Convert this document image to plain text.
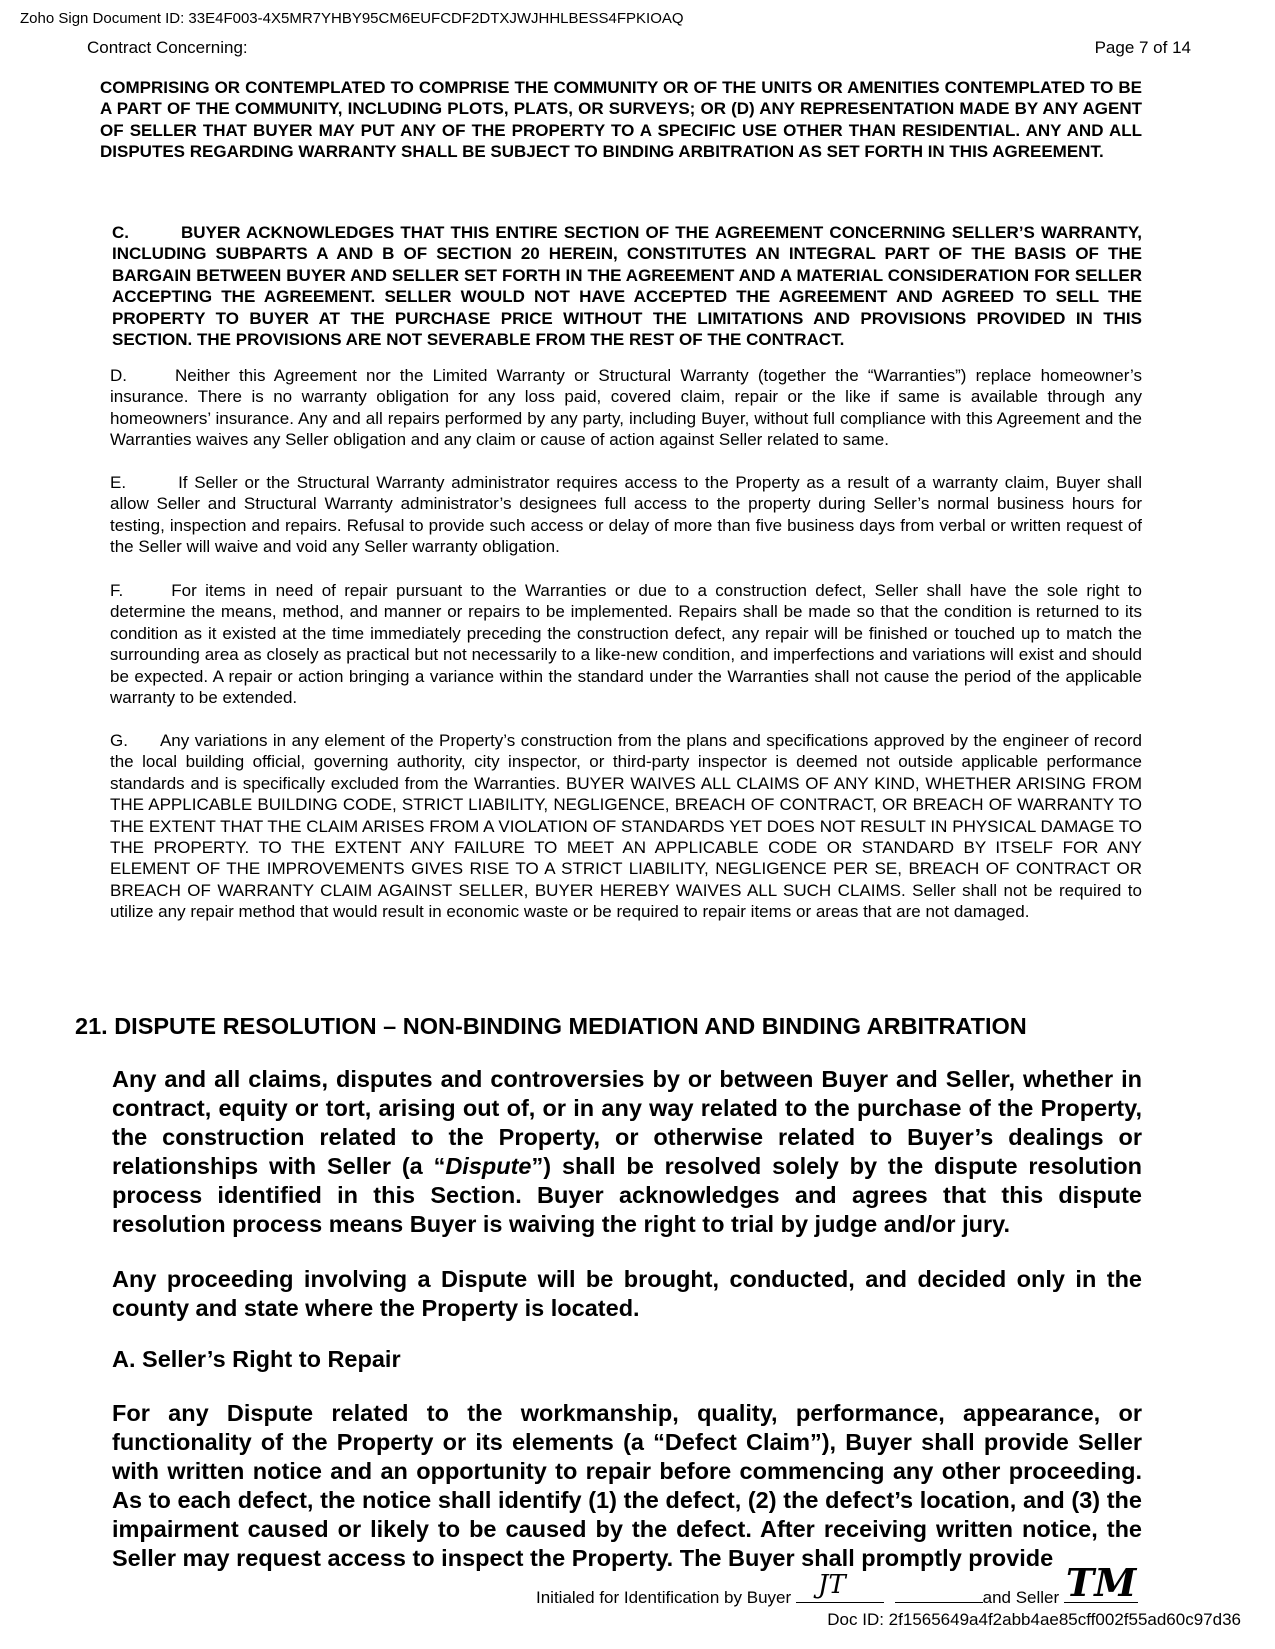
Zoho Sign Document ID: 33E4F003-4X5MR7YHBY95CM6EUFCDF2DTXJWJHHLBESS4FPKIOAQ
Contract Concerning:	Page 7 of 14
COMPRISING OR CONTEMPLATED TO COMPRISE THE COMMUNITY OR OF THE UNITS OR AMENITIES CONTEMPLATED TO BE A PART OF THE COMMUNITY, INCLUDING PLOTS, PLATS, OR SURVEYS; OR (D) ANY REPRESENTATION MADE BY ANY AGENT OF SELLER THAT BUYER MAY PUT ANY OF THE PROPERTY TO A SPECIFIC USE OTHER THAN RESIDENTIAL. ANY AND ALL DISPUTES REGARDING WARRANTY SHALL BE SUBJECT TO BINDING ARBITRATION AS SET FORTH IN THIS AGREEMENT.
C.	BUYER ACKNOWLEDGES THAT THIS ENTIRE SECTION OF THE AGREEMENT CONCERNING SELLER’S WARRANTY, INCLUDING SUBPARTS A AND B OF SECTION 20 HEREIN, CONSTITUTES AN INTEGRAL PART OF THE BASIS OF THE BARGAIN BETWEEN BUYER AND SELLER SET FORTH IN THE AGREEMENT AND A MATERIAL CONSIDERATION FOR SELLER ACCEPTING THE AGREEMENT. SELLER WOULD NOT HAVE ACCEPTED THE AGREEMENT AND AGREED TO SELL THE PROPERTY TO BUYER AT THE PURCHASE PRICE WITHOUT THE LIMITATIONS AND PROVISIONS PROVIDED IN THIS SECTION. THE PROVISIONS ARE NOT SEVERABLE FROM THE REST OF THE CONTRACT.
D.	Neither this Agreement nor the Limited Warranty or Structural Warranty (together the “Warranties”) replace homeowner’s insurance. There is no warranty obligation for any loss paid, covered claim, repair or the like if same is available through any homeowners’ insurance. Any and all repairs performed by any party, including Buyer, without full compliance with this Agreement and the Warranties waives any Seller obligation and any claim or cause of action against Seller related to same.
E.	If Seller or the Structural Warranty administrator requires access to the Property as a result of a warranty claim, Buyer shall allow Seller and Structural Warranty administrator’s designees full access to the property during Seller’s normal business hours for testing, inspection and repairs. Refusal to provide such access or delay of more than five business days from verbal or written request of the Seller will waive and void any Seller warranty obligation.
F.	For items in need of repair pursuant to the Warranties or due to a construction defect, Seller shall have the sole right to determine the means, method, and manner or repairs to be implemented. Repairs shall be made so that the condition is returned to its condition as it existed at the time immediately preceding the construction defect, any repair will be finished or touched up to match the surrounding area as closely as practical but not necessarily to a like-new condition, and imperfections and variations will exist and should be expected. A repair or action bringing a variance within the standard under the Warranties shall not cause the period of the applicable warranty to be extended.
G. Any variations in any element of the Property’s construction from the plans and specifications approved by the engineer of record the local building official, governing authority, city inspector, or third-party inspector is deemed not outside applicable performance standards and is specifically excluded from the Warranties. BUYER WAIVES ALL CLAIMS OF ANY KIND, WHETHER ARISING FROM THE APPLICABLE BUILDING CODE, STRICT LIABILITY, NEGLIGENCE, BREACH OF CONTRACT, OR BREACH OF WARRANTY TO THE EXTENT THAT THE CLAIM ARISES FROM A VIOLATION OF STANDARDS YET DOES NOT RESULT IN PHYSICAL DAMAGE TO THE PROPERTY. TO THE EXTENT ANY FAILURE TO MEET AN APPLICABLE CODE OR STANDARD BY ITSELF FOR ANY ELEMENT OF THE IMPROVEMENTS GIVES RISE TO A STRICT LIABILITY, NEGLIGENCE PER SE, BREACH OF CONTRACT OR BREACH OF WARRANTY CLAIM AGAINST SELLER, BUYER HEREBY WAIVES ALL SUCH CLAIMS. Seller shall not be required to utilize any repair method that would result in economic waste or be required to repair items or areas that are not damaged.
21. DISPUTE RESOLUTION – NON-BINDING MEDIATION AND BINDING ARBITRATION
Any and all claims, disputes and controversies by or between Buyer and Seller, whether in contract, equity or tort, arising out of, or in any way related to the purchase of the Property, the construction related to the Property, or otherwise related to Buyer’s dealings or relationships with Seller (a “Dispute”) shall be resolved solely by the dispute resolution process identified in this Section. Buyer acknowledges and agrees that this dispute resolution process means Buyer is waiving the right to trial by judge and/or jury.
Any proceeding involving a Dispute will be brought, conducted, and decided only in the county and state where the Property is located.
A. Seller’s Right to Repair
For any Dispute related to the workmanship, quality, performance, appearance, or functionality of the Property or its elements (a “Defect Claim”), Buyer shall provide Seller with written notice and an opportunity to repair before commencing any other proceeding. As to each defect, the notice shall identify (1) the defect, (2) the defect’s location, and (3) the impairment caused or likely to be caused by the defect. After receiving written notice, the Seller may request access to inspect the Property. The Buyer shall promptly provide
Initialed for Identification by Buyer JT	and Seller TM
Doc ID: 2f1565649a4f2abb4ae85cff002f55ad60c97d36
